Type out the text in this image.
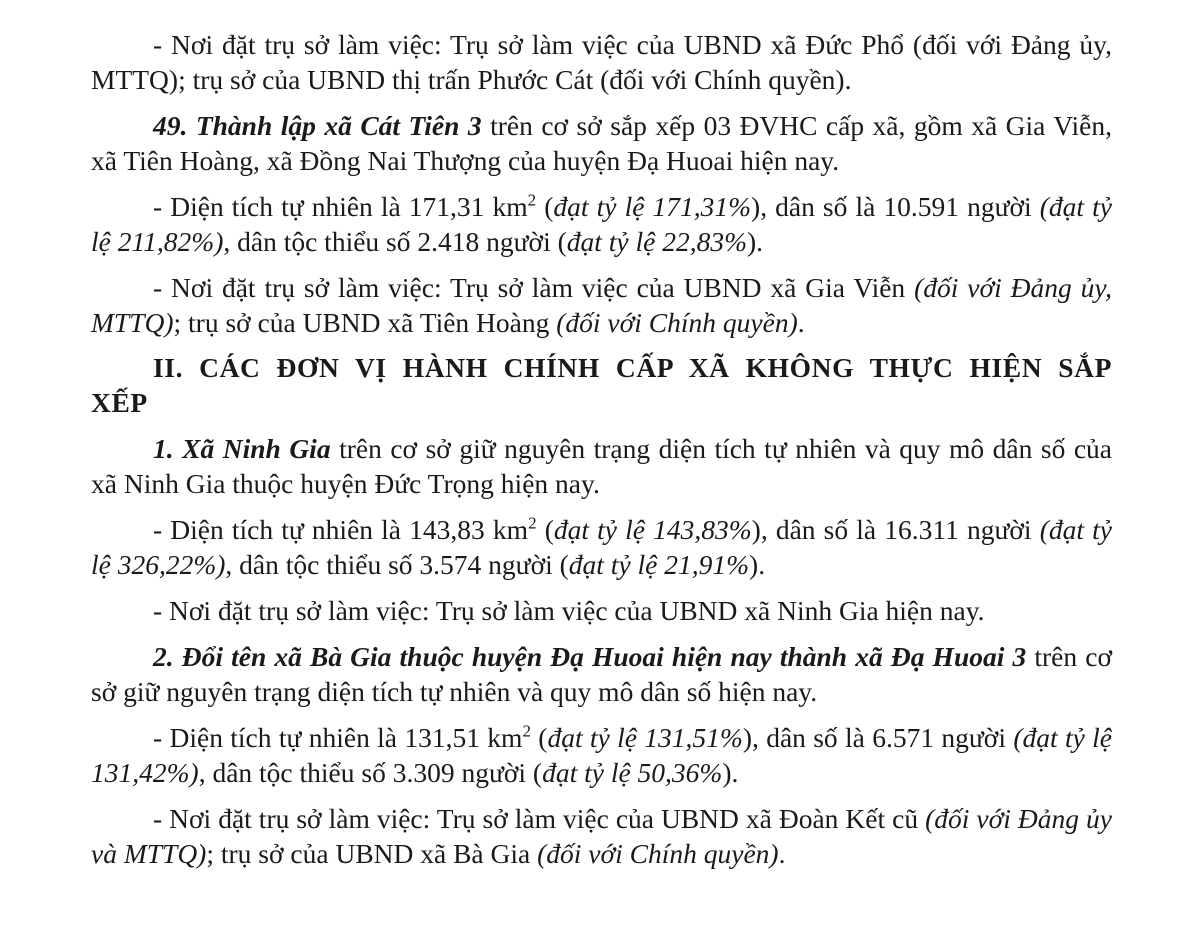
- Nơi đặt trụ sở làm việc: Trụ sở làm việc của UBND xã Đức Phổ (đối với Đảng ủy, MTTQ); trụ sở của UBND thị trấn Phước Cát (đối với Chính quyền).

49. Thành lập xã Cát Tiên 3 trên cơ sở sắp xếp 03 ĐVHC cấp xã, gồm xã Gia Viễn, xã Tiên Hoàng, xã Đồng Nai Thượng của huyện Đạ Huoai hiện nay.

- Diện tích tự nhiên là 171,31 $km^2$ (đạt tỷ lệ 171,31%), dân số là 10.591 người (đạt tỷ lệ 211,82%), dân tộc thiểu số 2.418 người (đạt tỷ lệ 22,83%).

- Nơi đặt trụ sở làm việc: Trụ sở làm việc của UBND xã Gia Viễn (đối với Đảng ủy, MTTQ); trụ sở của UBND xã Tiên Hoàng (đối với Chính quyền).

II. CÁC ĐƠN VỊ HÀNH CHÍNH CẤP XÃ KHÔNG THỰC HIỆN SẮP XẾP

1. Xã Ninh Gia trên cơ sở giữ nguyên trạng diện tích tự nhiên và quy mô dân số của xã Ninh Gia thuộc huyện Đức Trọng hiện nay.

- Diện tích tự nhiên là 143,83 $km^2$ (đạt tỷ lệ 143,83%), dân số là 16.311 người (đạt tỷ lệ 326,22%), dân tộc thiểu số 3.574 người (đạt tỷ lệ 21,91%).

- Nơi đặt trụ sở làm việc: Trụ sở làm việc của UBND xã Ninh Gia hiện nay.

2. Đổi tên xã Bà Gia thuộc huyện Đạ Huoai hiện nay thành xã Đạ Huoai 3 trên cơ sở giữ nguyên trạng diện tích tự nhiên và quy mô dân số hiện nay.

- Diện tích tự nhiên là 131,51 $km^2$ (đạt tỷ lệ 131,51%), dân số là 6.571 người (đạt tỷ lệ 131,42%), dân tộc thiểu số 3.309 người (đạt tỷ lệ 50,36%).

- Nơi đặt trụ sở làm việc: Trụ sở làm việc của UBND xã Đoàn Kết cũ (đối với Đảng ủy và MTTQ); trụ sở của UBND xã Bà Gia (đối với Chính quyền).
